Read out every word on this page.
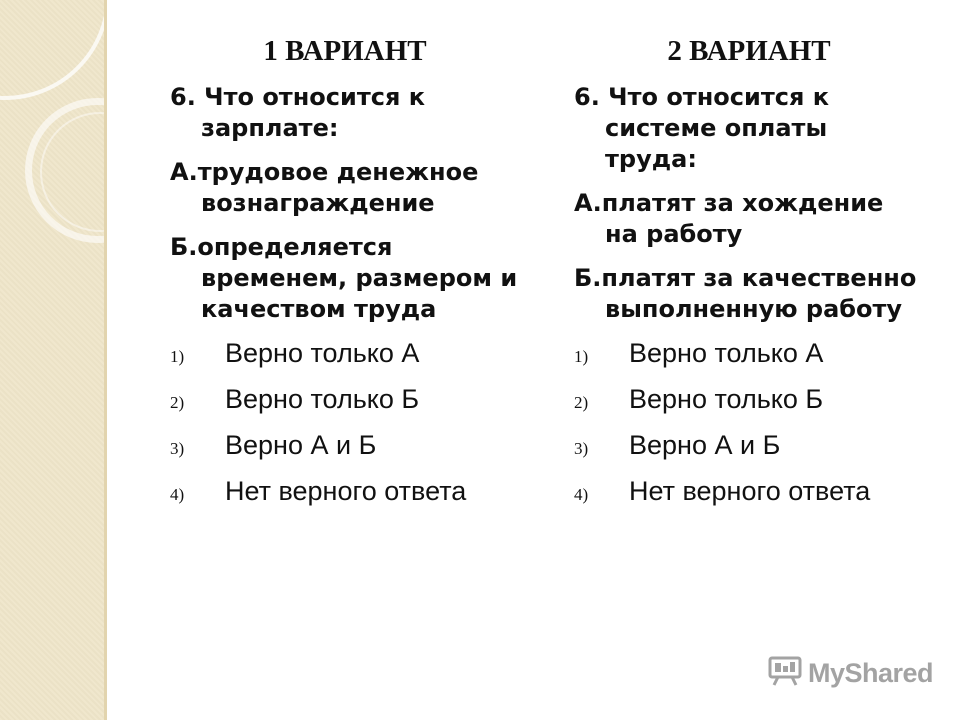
1 ВАРИАНТ
6. Что относится к зарплате:
А.трудовое денежное вознаграждение
Б.определяется временем, размером и качеством труда
1)	Верно только А
2)	Верно только Б
3)	Верно А и Б
4)	Нет верного ответа
2 ВАРИАНТ
6. Что относится к системе оплаты труда:
А.платят за хождение на работу
Б.платят за качественно выполненную работу
1)	Верно только А
2)	Верно только Б
3)	Верно А и Б
4)	Нет верного ответа
MyShared
